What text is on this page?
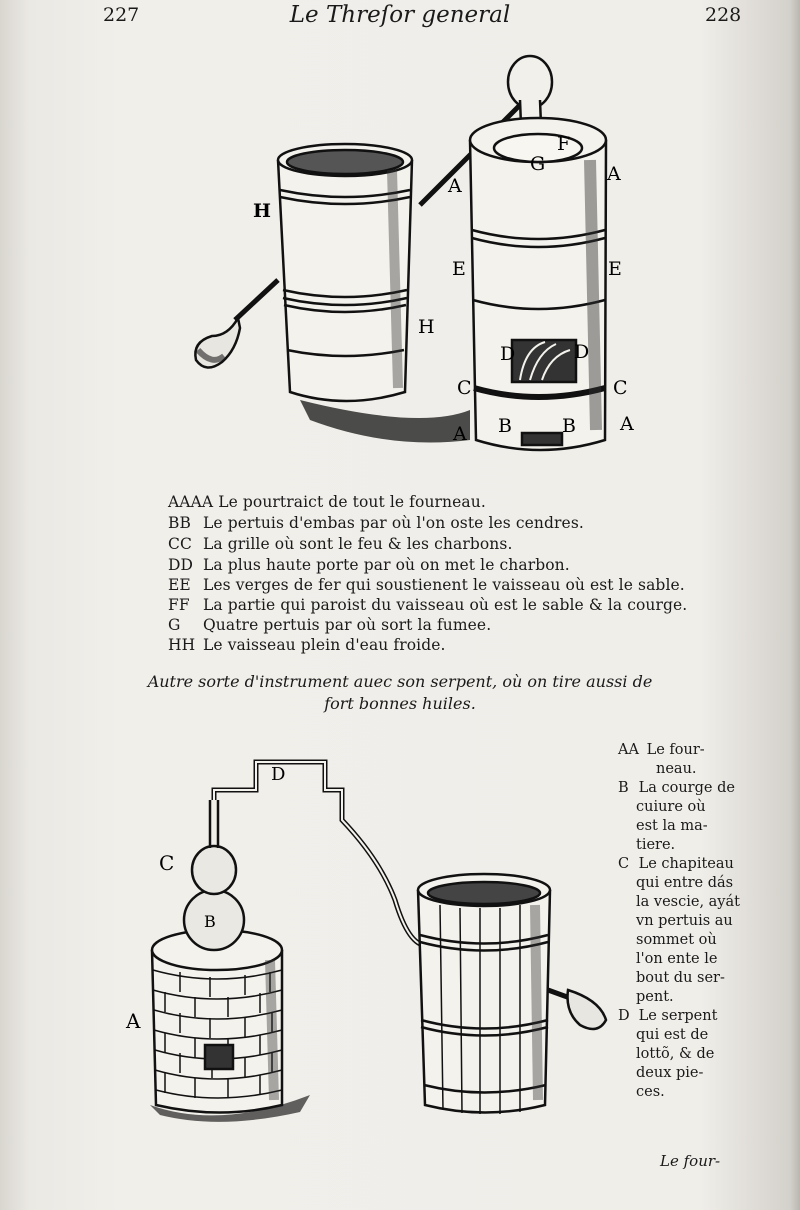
227	Le Threſor general	228
H
H
A
A
A	A
E	E
D	D
C	C
B	B
F
G
AAAA Le pourtraict de tout le fourneau.
BB Le pertuis d'embas par où l'on oste les cendres.
CC La grille où sont le feu & les charbons.
DD La plus haute porte par où on met le charbon.
EE Les verges de fer qui soustienent le vaisseau où est le sable.
FF La partie qui paroist du vaisseau où est le sable & la courge.
G Quatre pertuis par où sort la fumee.
HH Le vaisseau plein d'eau froide.
Autre sorte d'instrument auec son serpent, où on tire aussi de
fort bonnes huiles.
A
B
C
D
AA Le four-
neau.
B La courge de
cuiure où
est la ma-
tiere.
C Le chapiteau
qui entre dás
la vescie, ayát
vn pertuis au
sommet où
l'on ente le
bout du ser-
pent.
D Le serpent
qui est de
lottõ, & de
deux pie-
ces.
Le four-
